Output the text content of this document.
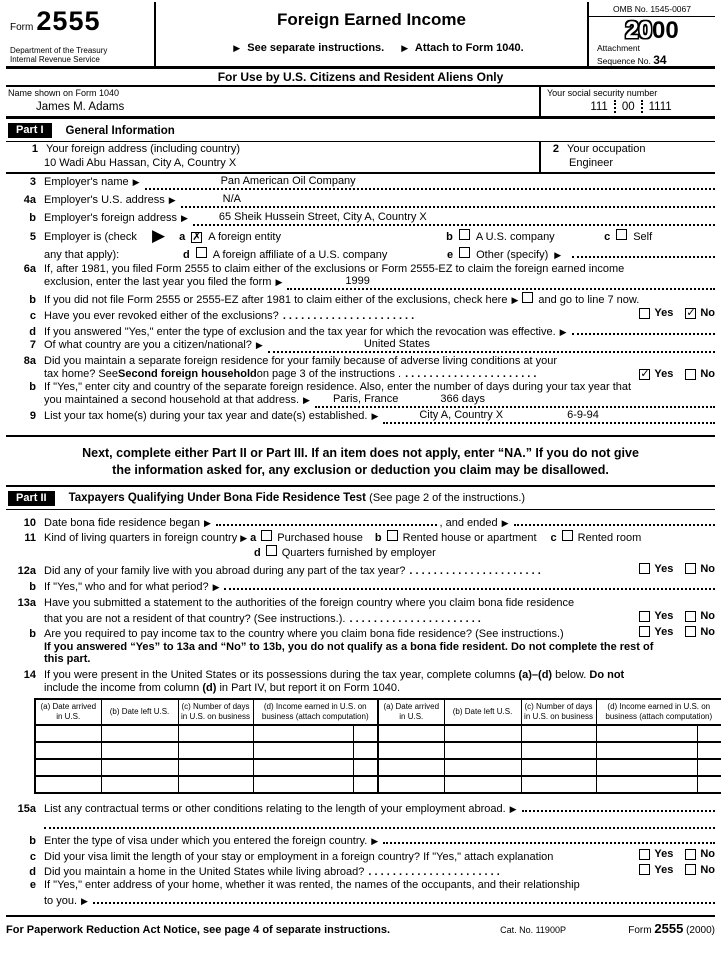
Form 2555
Department of the Treasury
Internal Revenue Service
Foreign Earned Income
▶ See separate instructions. ▶ Attach to Form 1040.
OMB No. 1545-0067
2000
Attachment
Sequence No. 34
For Use by U.S. Citizens and Resident Aliens Only
Name shown on Form 1040
James M. Adams
Your social security number
111 00 1111
Part I	General Information
1 Your foreign address (including country)
10 Wadi Abu Hassan, City A, Country X
2 Your occupation
Engineer
3 Employer's name ▶	Pan American Oil Company
4a Employer's U.S. address ▶	N/A
b Employer's foreign address ▶	65 Sheik Hussein Street, City A, Country X
5 Employer is (check ▶ a ✗ A foreign entity	b A U.S. company	c Self
any that apply):	d A foreign affiliate of a U.S. company	e Other (specify) ▶
6a If, after 1981, you filed Form 2555 to claim either of the exclusions or Form 2555-EZ to claim the foreign earned income
exclusion, enter the last year you filed the form ▶	1999
b If you did not file Form 2555 or 2555-EZ after 1981 to claim either of the exclusions, check here ▶ and go to line 7 now.
c Have you ever revoked either of the exclusions? .	Yes ✓ No
d If you answered "Yes," enter the type of exclusion and the tax year for which the revocation was effective. ▶
7 Of what country are you a citizen/national? ▶	United States
8a Did you maintain a separate foreign residence for your family because of adverse living conditions at your
tax home? See Second foreign household on page 3 of the instructions . .	✓ Yes No
b If "Yes," enter city and country of the separate foreign residence. Also, enter the number of days during your tax year that
you maintained a second household at that address. ▶	Paris, France	366 days
9 List your tax home(s) during your tax year and date(s) established. ▶	City A, Country X	6-9-94
Next, complete either Part II or Part III. If an item does not apply, enter “NA.” If you do not give
the information asked for, any exclusion or deduction you claim may be disallowed.
Part II	Taxpayers Qualifying Under Bona Fide Residence Test (See page 2 of the instructions.)
10 Date bona fide residence began ▶	, and ended ▶
11 Kind of living quarters in foreign country ▶ a Purchased house b Rented house or apartment c Rented room
d Quarters furnished by employer
12a Did any of your family live with you abroad during any part of the tax year? .	Yes No
b If "Yes," who and for what period? ▶
13a Have you submitted a statement to the authorities of the foreign country where you claim bona fide residence
that you are not a resident of that country? (See instructions.). .	Yes No
b Are you required to pay income tax to the country where you claim bona fide residence? (See instructions.)	Yes No
If you answered “Yes” to 13a and “No” to 13b, you do not qualify as a bona fide resident. Do not complete the rest of
this part.
14 If you were present in the United States or its possessions during the tax year, complete columns (a)–(d) below. Do not
include the income from column (d) in Part IV, but report it on Form 1040.
(a) Date arrived in U.S.	(b) Date left U.S.	(c) Number of days in U.S. on business	(d) Income earned in U.S. on business (attach computation)		(a) Date arrived in U.S.	(b) Date left U.S.	(c) Number of days in U.S. on business	(d) Income earned in U.S. on business (attach computation)	

15a List any contractual terms or other conditions relating to the length of your employment abroad. ▶
b Enter the type of visa under which you entered the foreign country. ▶
c Did your visa limit the length of your stay or employment in a foreign country? If "Yes," attach explanation	Yes No
d Did you maintain a home in the United States while living abroad? .	Yes No
e If "Yes," enter address of your home, whether it was rented, the names of the occupants, and their relationship
to you. ▶
For Paperwork Reduction Act Notice, see page 4 of separate instructions.	Cat. No. 11900P	Form 2555 (2000)
